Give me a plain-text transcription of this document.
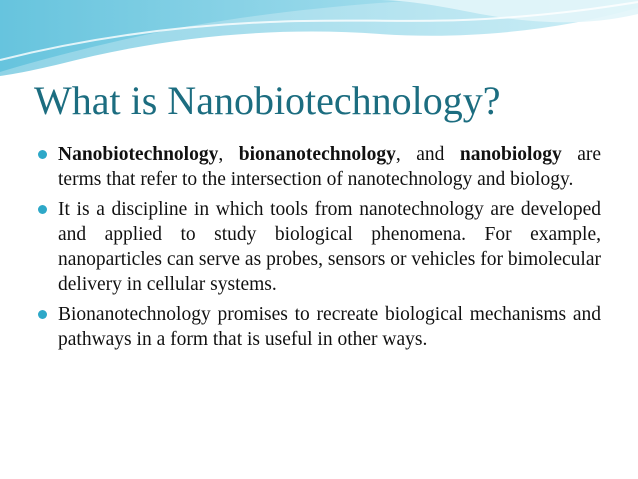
What is Nanobiotechnology?
Nanobiotechnology, bionanotechnology, and nanobiology are terms that refer to the intersection of nanotechnology and biology.
It is a discipline in which tools from nanotechnology are developed and applied to study biological phenomena. For example, nanoparticles can serve as probes, sensors or vehicles for bimolecular delivery in cellular systems.
Bionanotechnology promises to recreate biological mechanisms and pathways in a form that is useful in other ways.
